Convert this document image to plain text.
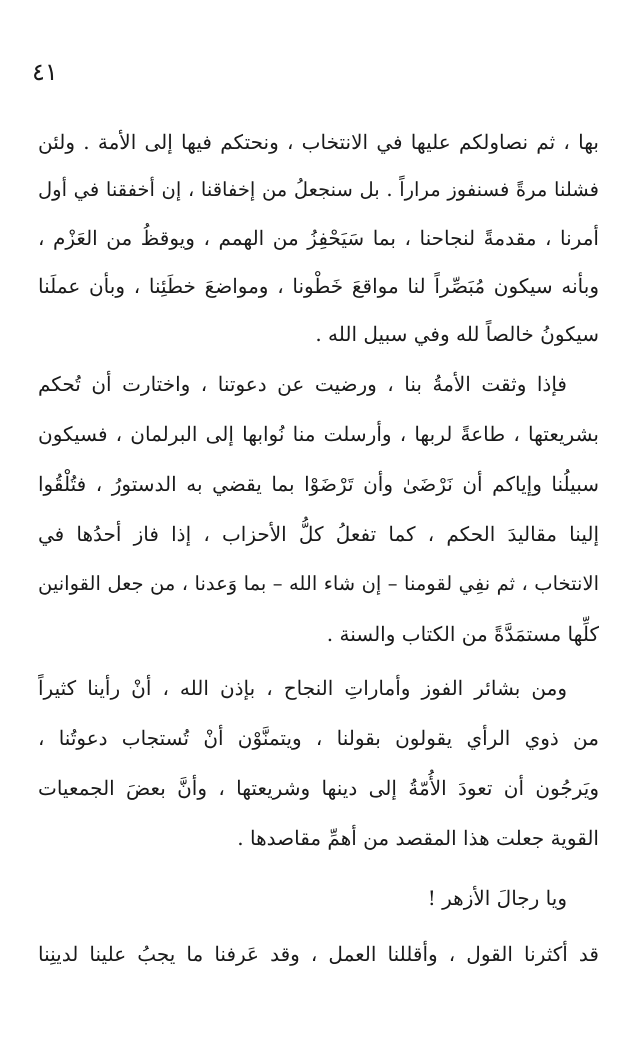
٤١
بها ، ثم نصاولكم عليها في الانتخاب ، ونحتكم فيها إلى الأمة . ولئن
فشلنا مرةً فسنفوز مراراً . بل سنجعلُ من إخفاقنا ، إن أخفقنا في أول
أمرنا ، مقدمةً لنجاحنا ، بما سَيَحْفِزُ من الهمم ، ويوقظُ من العَزْم ،
وبأنه سيكون مُبَصِّراً لنا مواقعَ خَطْونا ، ومواضعَ خطَئِنا ، وبأن عملَنا
سيكونُ خالصاً لله وفي سبيل الله .
فإذا وثقت الأمةُ بنا ، ورضيت عن دعوتنا ، واختارت أن تُحكم
بشريعتها ، طاعةً لربها ، وأرسلت منا نُوابها إلى البرلمان ، فسيكون
سبيلُنا وإياكم أن نَرْضَىٰ وأن تَرْضَوْا بما يقضي به الدستورُ ، فتُلْقُوا
إلينا مقاليدَ الحكم ، كما تفعلُ كلُّ الأحزاب ، إذا فاز أحدُها في
الانتخاب ، ثم نفِي لقومنا – إن شاء الله – بما وَعدنا ، من جعل القوانين
كلِّها مستمَدَّةً من الكتاب والسنة .
ومن بشائر الفوز وأماراتِ النجاح ، بإذن الله ، أنْ رأينا كثيراً
من ذوي الرأي يقولون بقولنا ، ويتمنَّوْن أنْ تُستجاب دعوتُنا ،
ويَرجُون أن تعودَ الأُمّةُ إلى دينها وشريعتها ، وأنَّ بعضَ الجمعيات
القوية جعلت هذا المقصد من أهمِّ مقاصدها .
ويا رجالَ الأزهر !
قد أكثرنا القول ، وأقللنا العمل ، وقد عَرفنا ما يجبُ علينا لدينِنا
